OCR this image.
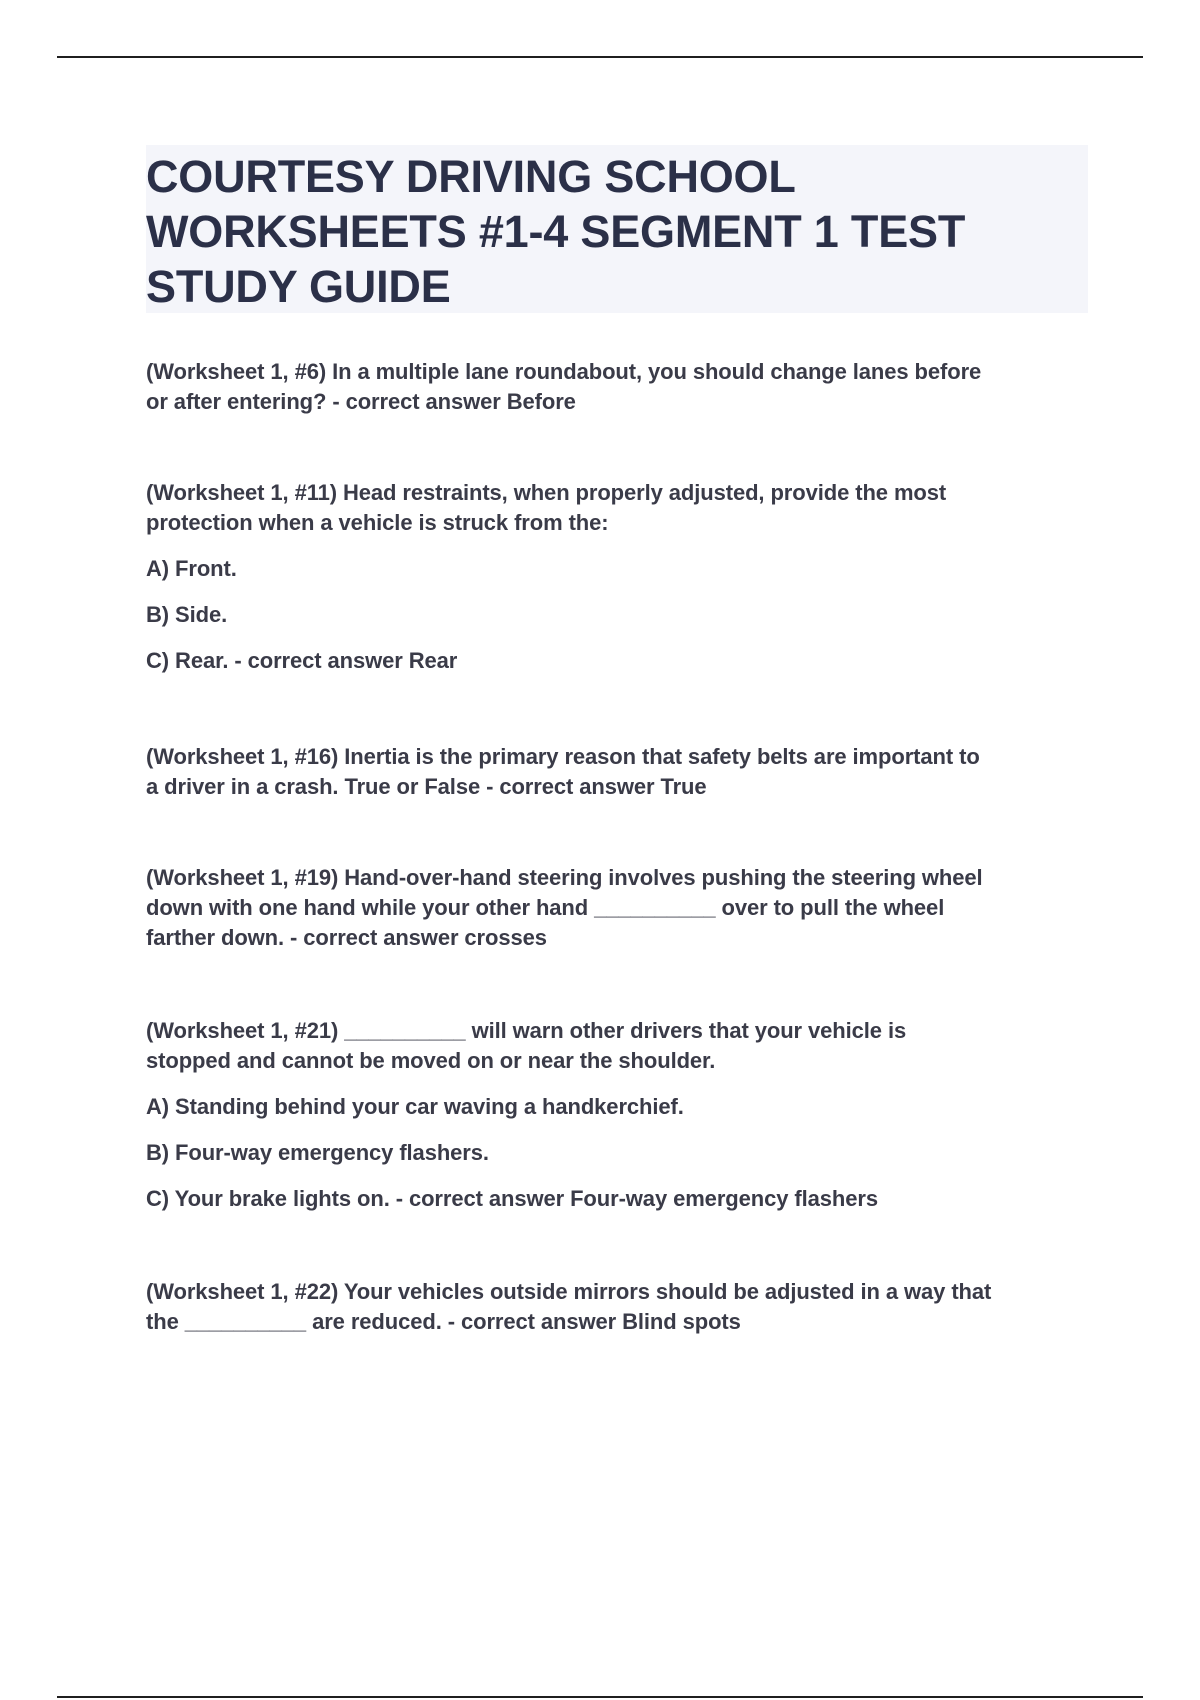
COURTESY DRIVING SCHOOL
WORKSHEETS #1-4 SEGMENT 1 TEST
STUDY GUIDE

(Worksheet 1, #6) In a multiple lane roundabout, you should change lanes before

or after entering? - correct answer Before

(Worksheet 1, #11) Head restraints, when properly adjusted, provide the most

protection when a vehicle is struck from the:

A) Front.

B) Side.

C) Rear. - correct answer Rear

(Worksheet 1, #16) Inertia is the primary reason that safety belts are important to

a driver in a crash. True or False - correct answer True

(Worksheet 1, #19) Hand-over-hand steering involves pushing the steering wheel

down with one hand while your other hand __________ over to pull the wheel

farther down. - correct answer crosses

(Worksheet 1, #21) __________ will warn other drivers that your vehicle is

stopped and cannot be moved on or near the shoulder.

A) Standing behind your car waving a handkerchief.

B) Four-way emergency flashers.

C) Your brake lights on. - correct answer Four-way emergency flashers

(Worksheet 1, #22) Your vehicles outside mirrors should be adjusted in a way that

the __________ are reduced. - correct answer Blind spots
